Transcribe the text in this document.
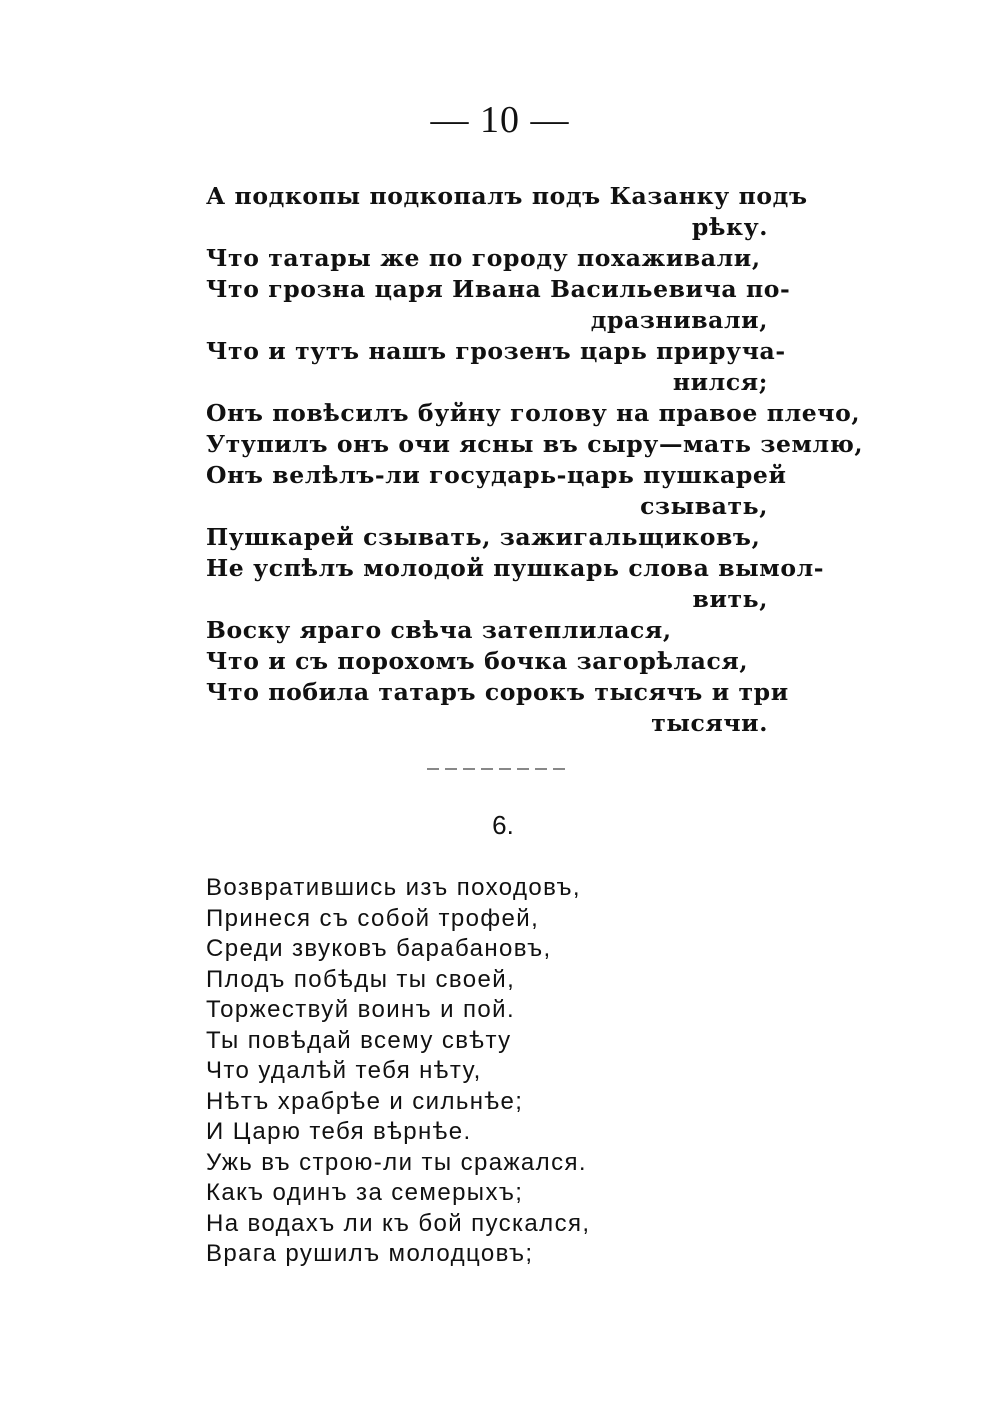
— 10 —
А подкопы подкопалъ подъ Казанку подъ
рѣку.
Что татары же по городу похаживали,
Что грозна царя Ивана Васильевича по-
дразнивали,
Что и тутъ нашъ грозенъ царь прируча-
нился;
Онъ повѣсилъ буйну голову на правое плечо,
Утупилъ онъ очи ясны въ сыру—мать землю,
Онъ велѣлъ-ли государь-царь пушкарей
сзывать,
Пушкарей сзывать, зажигальщиковъ,
Не успѣлъ молодой пушкарь слова вымол-
вить,
Воску яраго свѣча затеплилася,
Что и съ порохомъ бочка загорѣлася,
Что побила татаръ сорокъ тысячъ и три
тысячи.
6.
Возвратившись изъ походовъ,
Принеся съ собой трофей,
Среди звуковъ барабановъ,
Плодъ побѣды ты своей,
Торжествуй воинъ и пой.
Ты повѣдай всему свѣту
Что удалѣй тебя нѣту,
Нѣтъ храбрѣе и сильнѣе;
И Царю тебя вѣрнѣе.
Ужь въ строю-ли ты сражался.
Какъ одинъ за семерыхъ;
На водахъ ли къ бой пускался,
Врага рушилъ молодцовъ;
